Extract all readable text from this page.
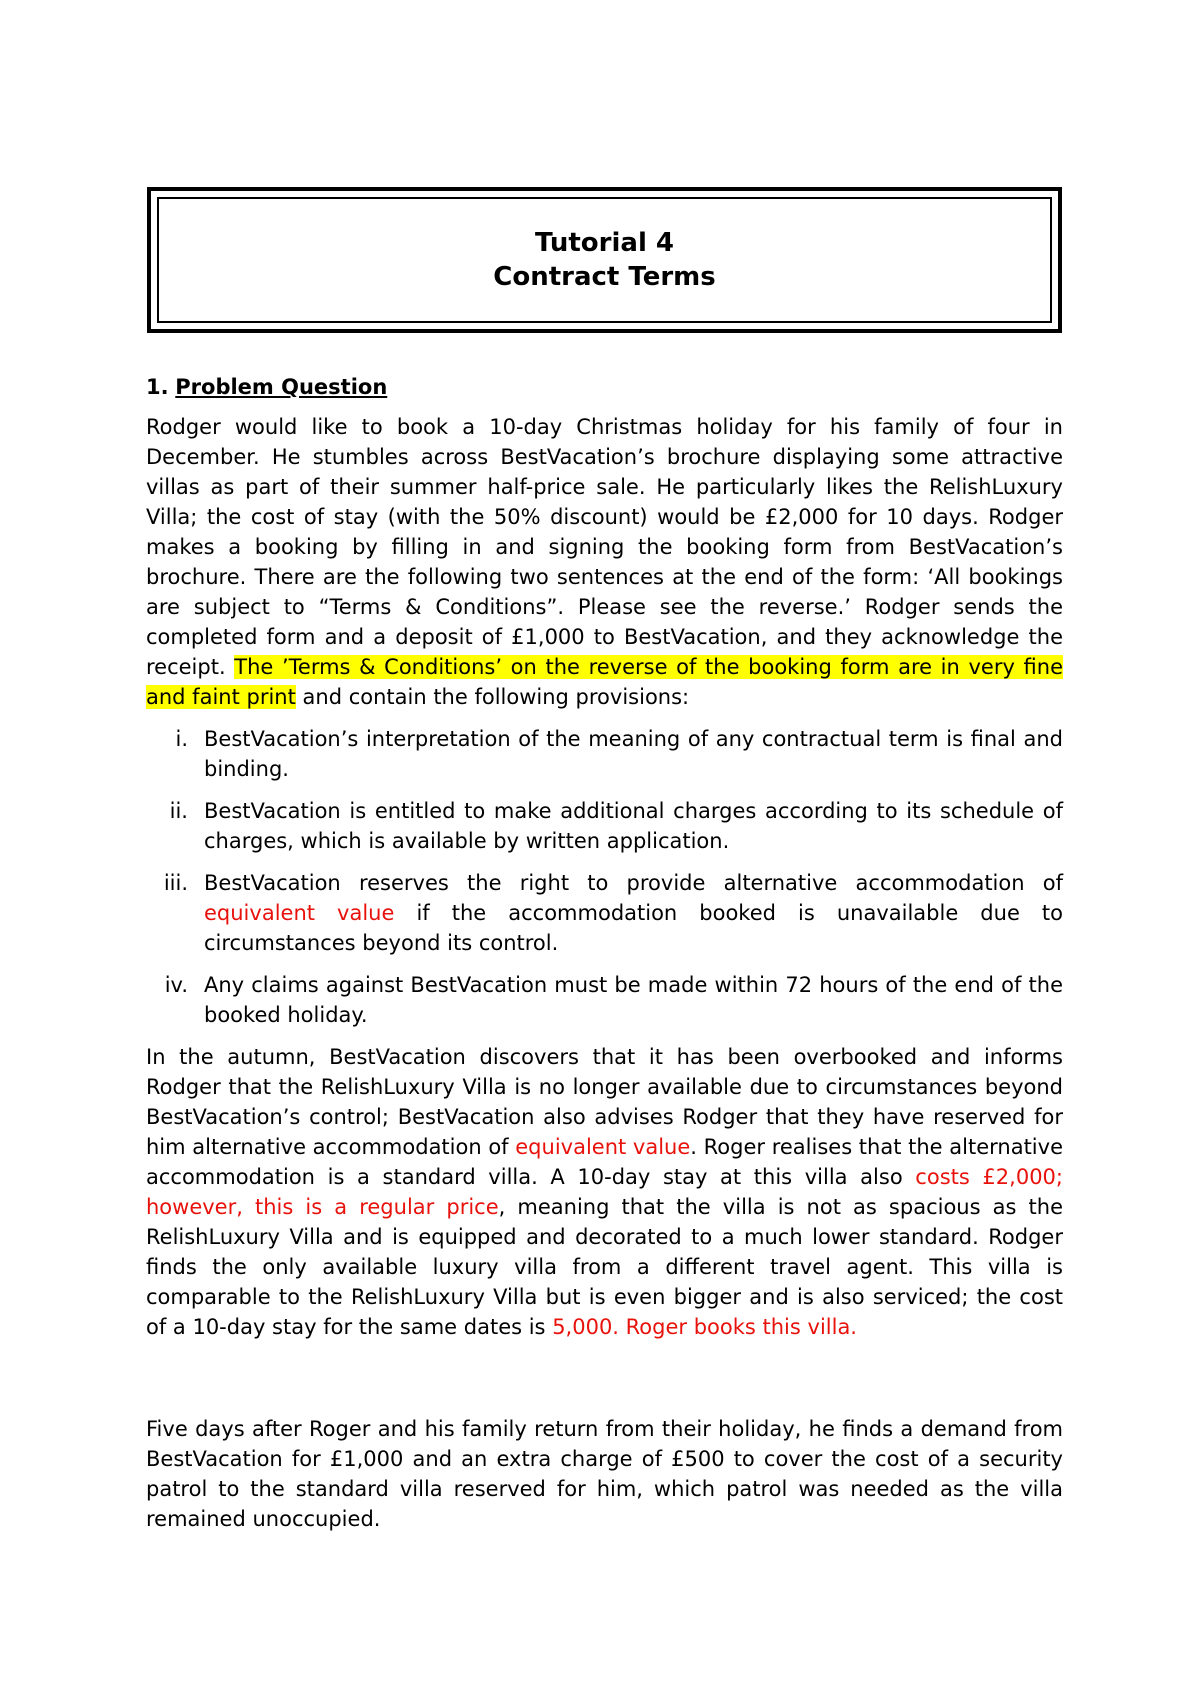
Tutorial 4
Contract Terms
1. Problem Question

Rodger would like to book a 10-day Christmas holiday for his family of four in December. He stumbles across BestVacation’s brochure displaying some attractive villas as part of their summer half-price sale. He particularly likes the RelishLuxury Villa; the cost of stay (with the 50% discount) would be £2,000 for 10 days. Rodger makes a booking by filling in and signing the booking form from BestVacation’s brochure. There are the following two sentences at the end of the form: ‘All bookings are subject to “Terms & Conditions”. Please see the reverse.’ Rodger sends the completed form and a deposit of £1,000 to BestVacation, and they acknowledge the receipt. The ’Terms & Conditions’ on the reverse of the booking form are in very fine and faint print and contain the following provisions:

i. BestVacation’s interpretation of the meaning of any contractual term is final and binding.
ii. BestVacation is entitled to make additional charges according to its schedule of charges, which is available by written application.
iii. BestVacation reserves the right to provide alternative accommodation of equivalent value if the accommodation booked is unavailable due to circumstances beyond its control.
iv. Any claims against BestVacation must be made within 72 hours of the end of the booked holiday.

In the autumn, BestVacation discovers that it has been overbooked and informs Rodger that the RelishLuxury Villa is no longer available due to circumstances beyond BestVacation’s control; BestVacation also advises Rodger that they have reserved for him alternative accommodation of equivalent value. Roger realises that the alternative accommodation is a standard villa. A 10-day stay at this villa also costs £2,000; however, this is a regular price, meaning that the villa is not as spacious as the RelishLuxury Villa and is equipped and decorated to a much lower standard. Rodger finds the only available luxury villa from a different travel agent. This villa is comparable to the RelishLuxury Villa but is even bigger and is also serviced; the cost of a 10-day stay for the same dates is 5,000. Roger books this villa.

Five days after Roger and his family return from their holiday, he finds a demand from BestVacation for £1,000 and an extra charge of £500 to cover the cost of a security patrol to the standard villa reserved for him, which patrol was needed as the villa remained unoccupied.
